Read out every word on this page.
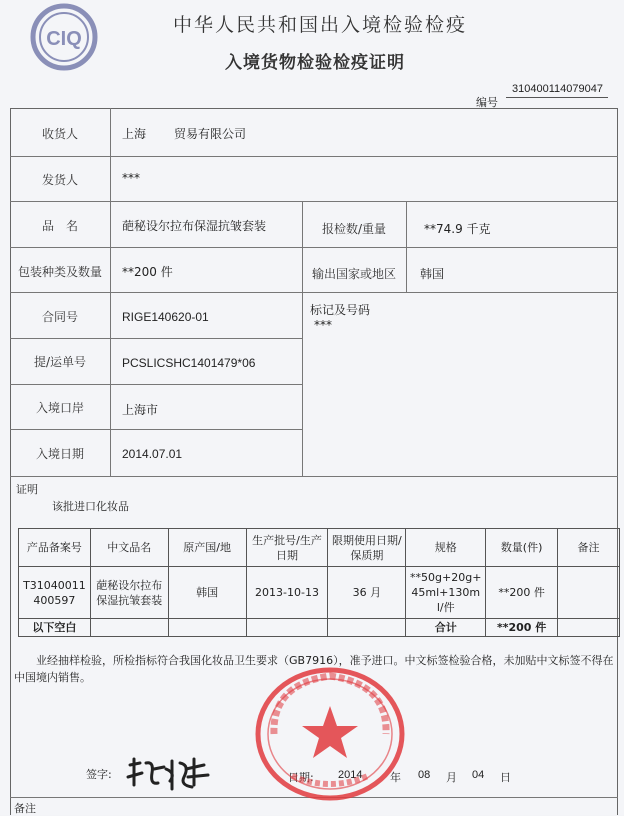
CIQ
中华人民共和国出入境检验检疫
入境货物检验检疫证明
310400114079047
编号
收货人	上海 贸易有限公司
发货人	***
品　名	葩秘设尔拉布保湿抗皱套装	报检数/重量	**74.9 千克
包装种类及数量	**200 件	输出国家或地区	韩国
合同号	RIGE140620-01	标记及号码
***
提/运单号	PCSLICSHC1401479*06
入境口岸	上海市
入境日期	2014.07.01
证明
该批进口化妆品
产品备案号	中文品名	原产国/地	生产批号/生产日期	限期使用日期/保质期	规格	数量(件)	备注
T31040011400597	葩秘设尔拉布保湿抗皱套装	韩国	2013-10-13	36 月	**50g+20g+45ml+130ml/件	**200 件	
以下空白					合计	**200 件	
业经抽样检验，所检指标符合我国化妆品卫生要求（GB7916），准予进口。中文标签检验合格，未加贴中文标签不得在中国境内销售。
签字:	日期: 2014	年 08 月 04 日
备注
